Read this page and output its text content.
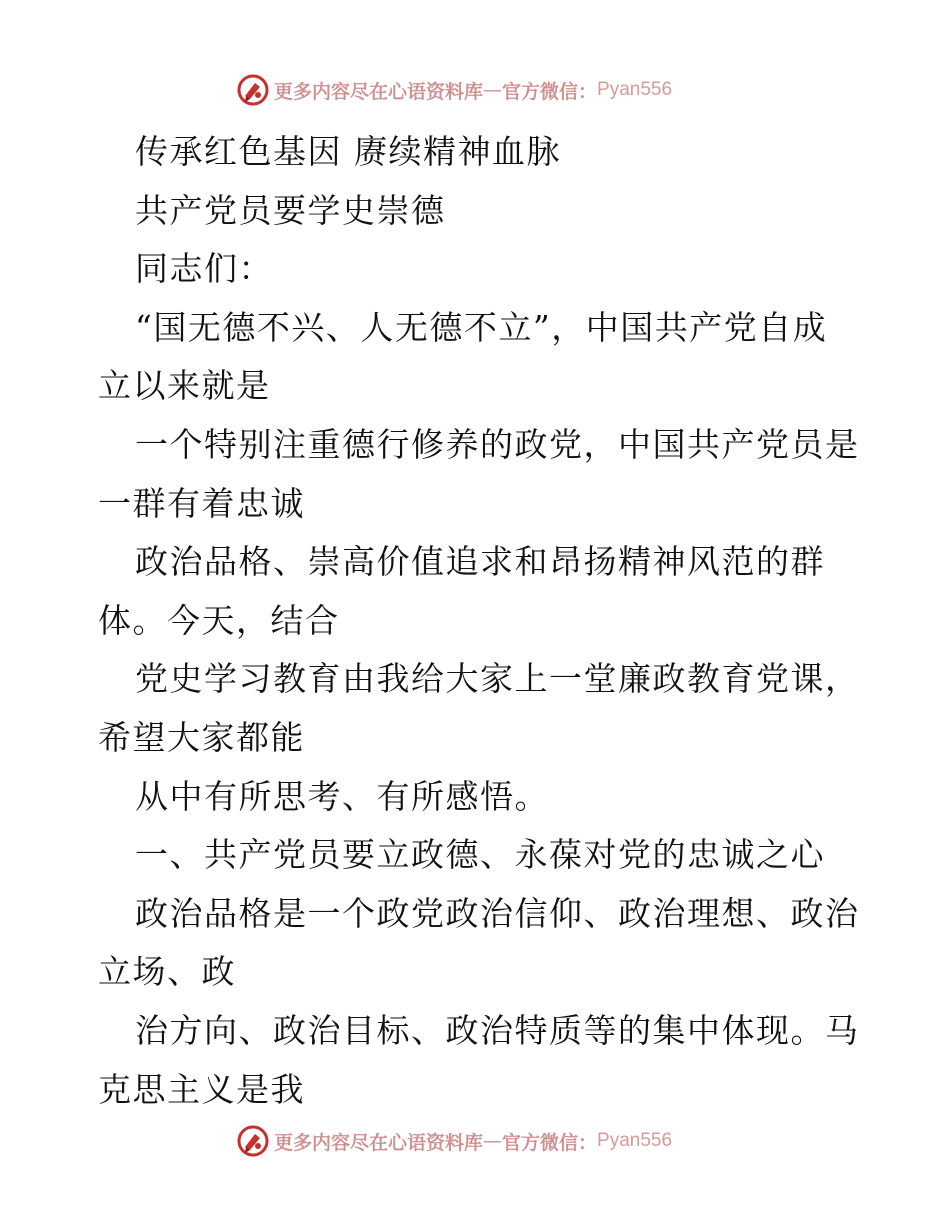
更多内容尽在心语资料库 — 官方微信： Pyan556
传承红色基因 赓续精神血脉
共产党员要学史崇德
同志们：
“国无德不兴、人无德不立”，中国共产党自成
立以来就是
一个特别注重德行修养的政党，中国共产党员是
一群有着忠诚
政治品格、崇高价值追求和昂扬精神风范的群
体。今天，结合
党史学习教育由我给大家上一堂廉政教育党课，
希望大家都能
从中有所思考、有所感悟。
一、共产党员要立政德、永葆对党的忠诚之心
政治品格是一个政党政治信仰、政治理想、政治
立场、政
治方向、政治目标、政治特质等的集中体现。马
克思主义是我
更多内容尽在心语资料库 — 官方微信： Pyan556
